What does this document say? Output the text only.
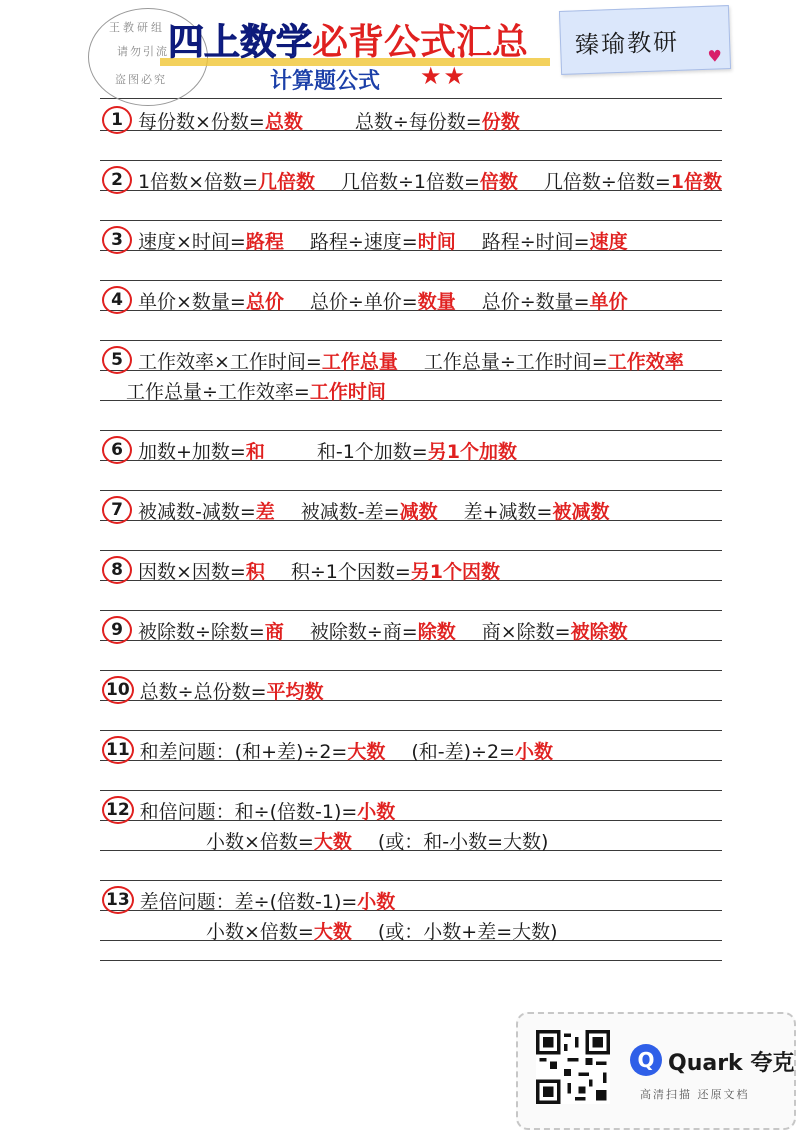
王教研组
请勿引流
盗图必究
四上数学必背公式汇总
计算题公式 ★★
臻瑜教研 ♥
1 每份数×份数= 总数	总数÷每份数= 份数
2 1倍数×倍数= 几倍数 几倍数÷1倍数= 倍数 几倍数÷倍数= 1倍数
3 速度×时间= 路程 路程÷速度= 时间 路程÷时间= 速度
4 单价×数量= 总价 总价÷单价= 数量 总价÷数量= 单价
5 工作效率×工作时间= 工作总量 工作总量÷工作时间= 工作效率
工作总量÷工作效率= 工作时间
6 加数+加数= 和	和-1个加数= 另1个加数
7 被减数-减数= 差 被减数-差= 减数 差+减数= 被减数
8 因数×因数= 积 积÷1个因数= 另1个因数
9 被除数÷除数= 商 被除数÷商= 除数 商×除数= 被除数
10 总数÷总份数= 平均数
11 和差问题：(和+差)÷2= 大数 (和-差)÷2= 小数
12 和倍问题：和÷(倍数-1)= 小数
小数×倍数= 大数 (或：和-小数=大数)
13 差倍问题：差÷(倍数-1)= 小数
小数×倍数= 大数 (或：小数+差=大数)
Q Quark 夸克
高清扫描 还原文档
